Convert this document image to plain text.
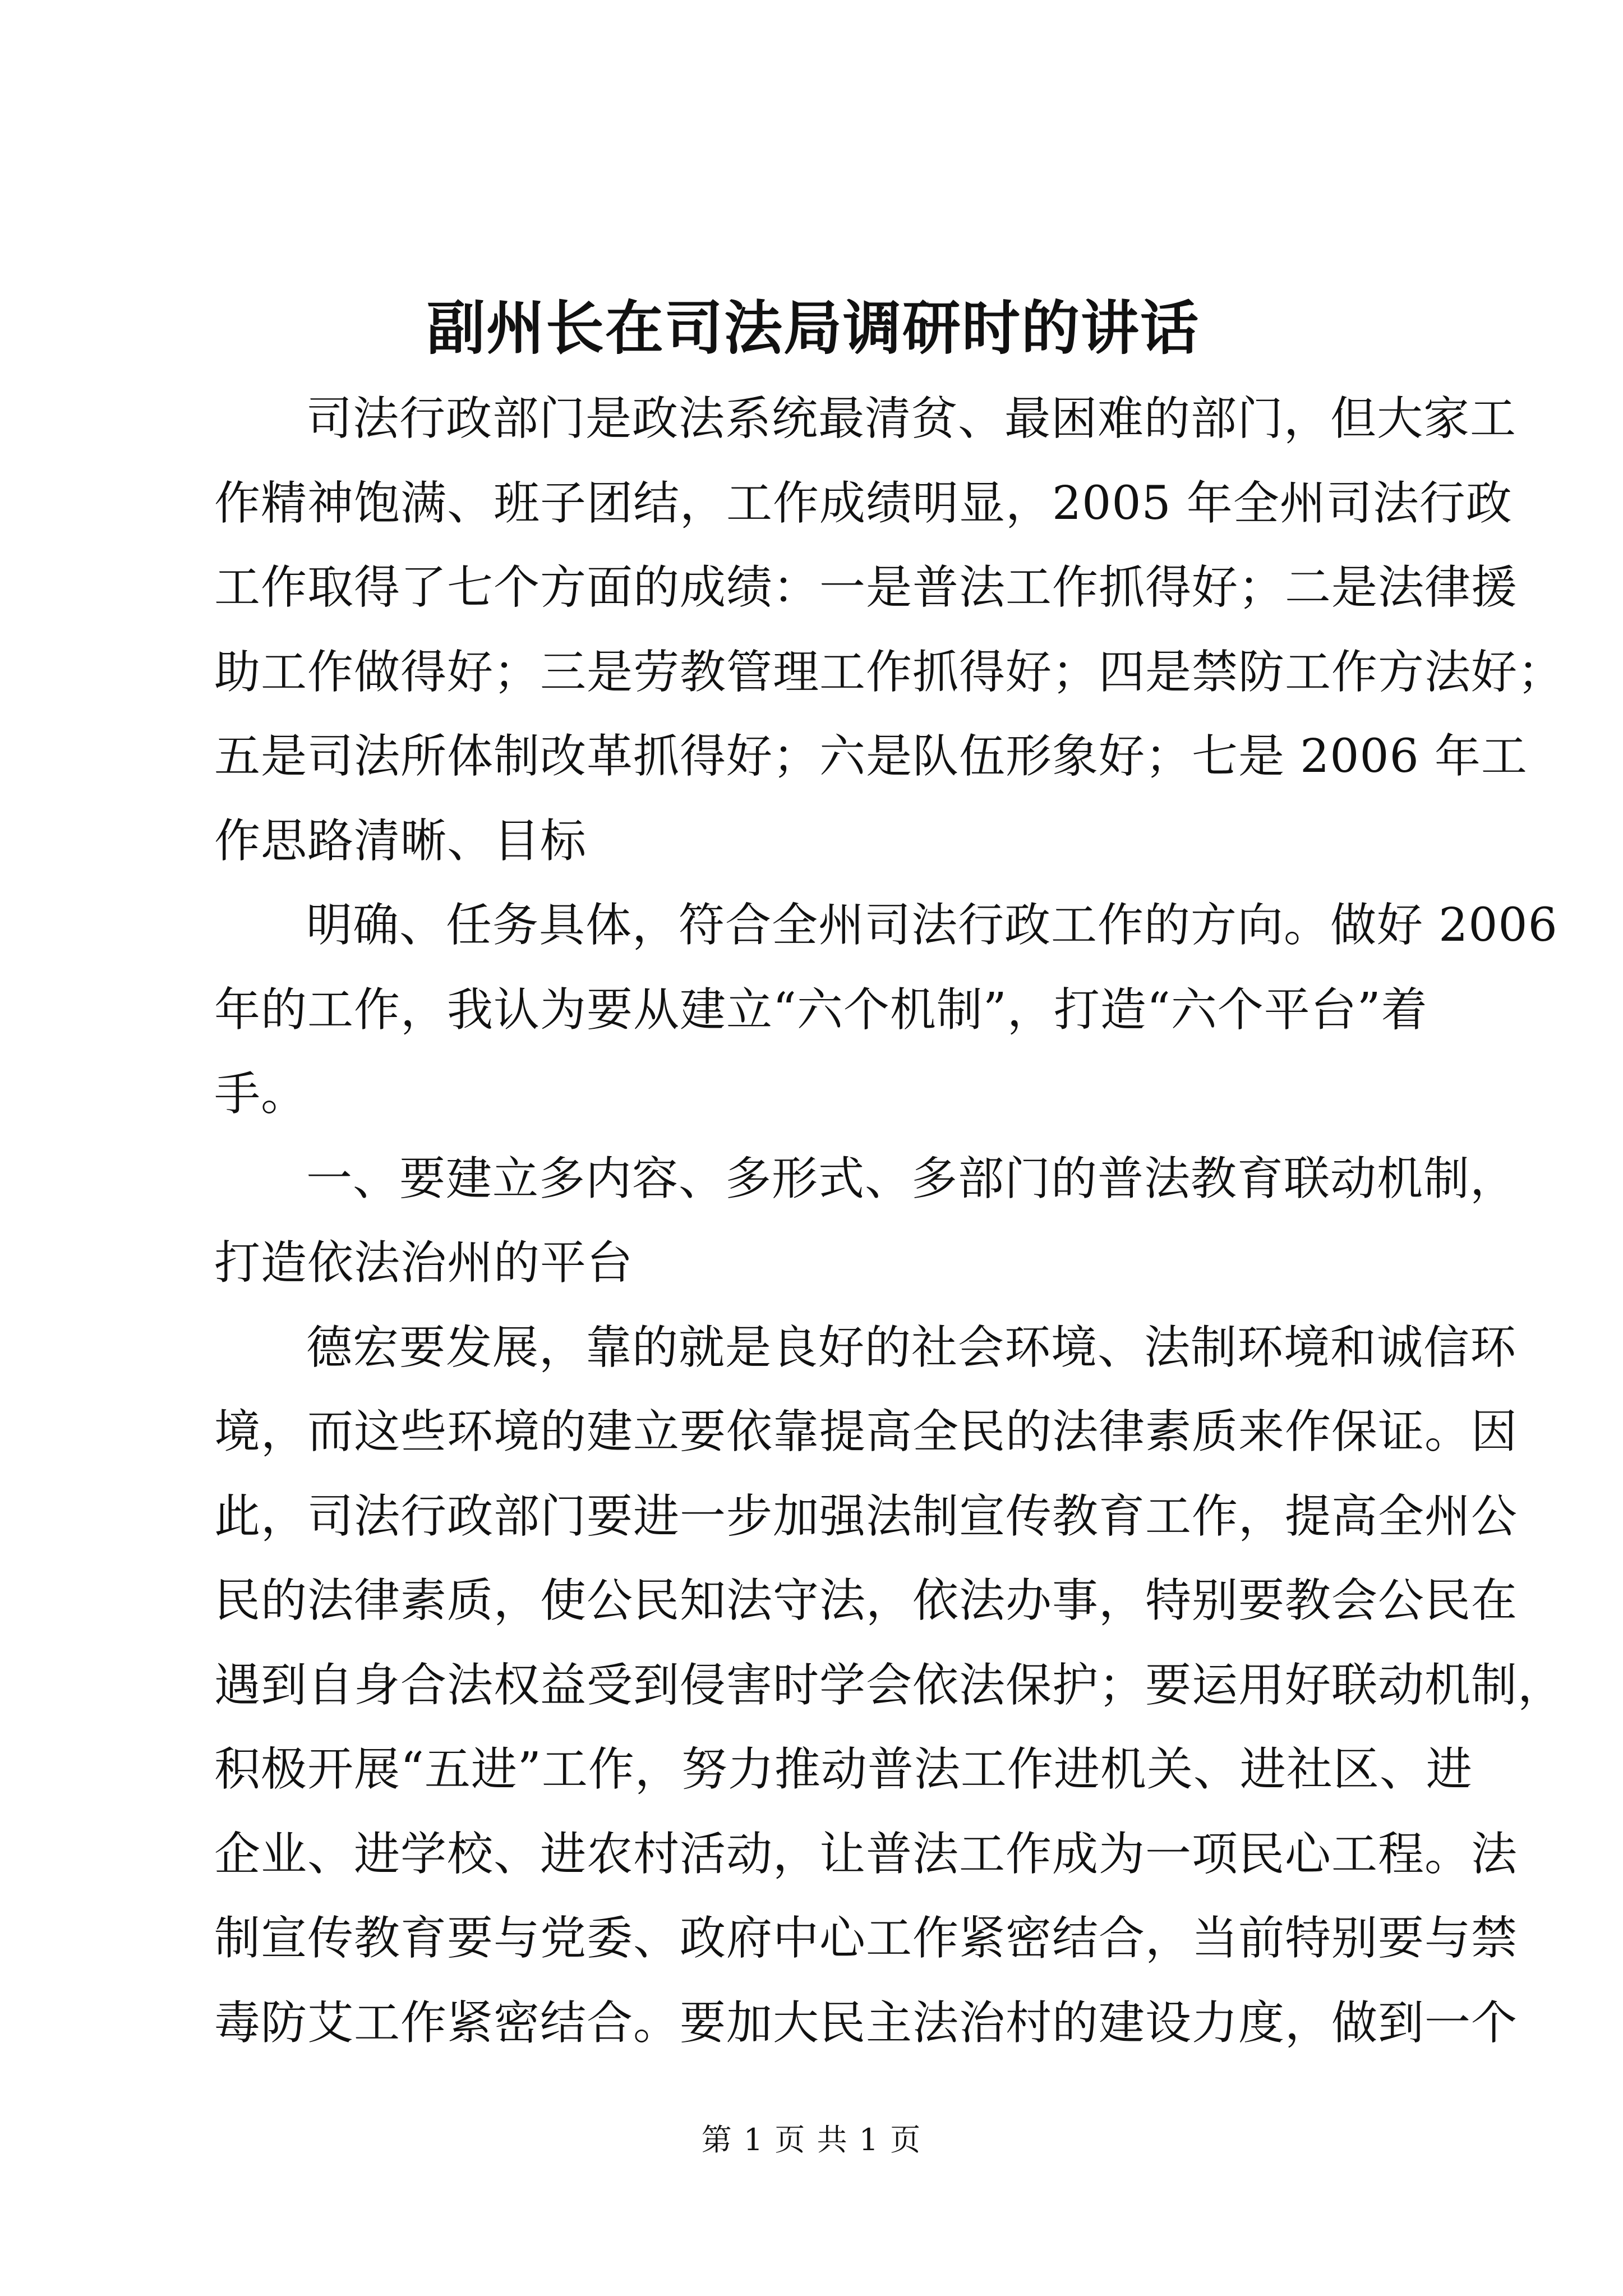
副州长在司法局调研时的讲话
司法行政部门是政法系统最清贫、最困难的部门，但大家工
作精神饱满、班子团结，工作成绩明显，2005 年全州司法行政
工作取得了七个方面的成绩：一是普法工作抓得好；二是法律援
助工作做得好；三是劳教管理工作抓得好；四是禁防工作方法好；
五是司法所体制改革抓得好；六是队伍形象好；七是 2006 年工
作思路清晰、目标
明确、任务具体，符合全州司法行政工作的方向。做好 2006
年的工作，我认为要从建立“六个机制”，打造“六个平台”着
手。
一、要建立多内容、多形式、多部门的普法教育联动机制，
打造依法治州的平台
德宏要发展，靠的就是良好的社会环境、法制环境和诚信环
境，而这些环境的建立要依靠提高全民的法律素质来作保证。因
此，司法行政部门要进一步加强法制宣传教育工作，提高全州公
民的法律素质，使公民知法守法，依法办事，特别要教会公民在
遇到自身合法权益受到侵害时学会依法保护；要运用好联动机制，
积极开展“五进”工作，努力推动普法工作进机关、进社区、进
企业、进学校、进农村活动，让普法工作成为一项民心工程。法
制宣传教育要与党委、政府中心工作紧密结合，当前特别要与禁
毒防艾工作紧密结合。要加大民主法治村的建设力度，做到一个
第 1 页 共 1 页
